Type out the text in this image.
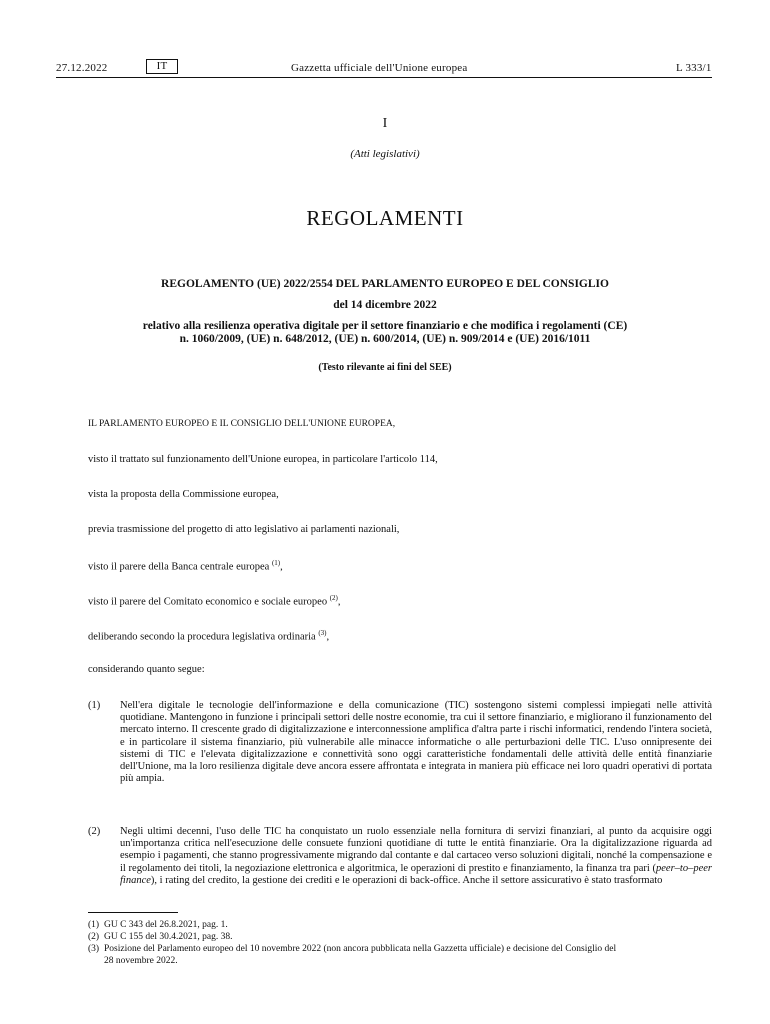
27.12.2022	IT	Gazzetta ufficiale dell'Unione europea	L 333/1
I
(Atti legislativi)
REGOLAMENTI
REGOLAMENTO (UE) 2022/2554 DEL PARLAMENTO EUROPEO E DEL CONSIGLIO
del 14 dicembre 2022
relativo alla resilienza operativa digitale per il settore finanziario e che modifica i regolamenti (CE)
n. 1060/2009, (UE) n. 648/2012, (UE) n. 600/2014, (UE) n. 909/2014 e (UE) 2016/1011
(Testo rilevante ai fini del SEE)
IL PARLAMENTO EUROPEO E IL CONSIGLIO DELL'UNIONE EUROPEA,
visto il trattato sul funzionamento dell'Unione europea, in particolare l'articolo 114,
vista la proposta della Commissione europea,
previa trasmissione del progetto di atto legislativo ai parlamenti nazionali,
visto il parere della Banca centrale europea $^{(1)}$,
visto il parere del Comitato economico e sociale europeo $^{(2)}$,
deliberando secondo la procedura legislativa ordinaria $^{(3)}$,
considerando quanto segue:
(1) Nell'era digitale le tecnologie dell'informazione e della comunicazione (TIC) sostengono sistemi complessi impiegati nelle attività quotidiane. Mantengono in funzione i principali settori delle nostre economie, tra cui il settore finanziario, e migliorano il funzionamento del mercato interno. Il crescente grado di digitalizzazione e interconnessione amplifica d'altra parte i rischi informatici, rendendo l'intera società, e in particolare il sistema finanziario, più vulnerabile alle minacce informatiche o alle perturbazioni delle TIC. L'uso onnipresente dei sistemi di TIC e l'elevata digitalizzazione e connettività sono oggi caratteristiche fondamentali delle attività delle entità finanziarie dell'Unione, ma la loro resilienza digitale deve ancora essere affrontata e integrata in maniera più efficace nei loro quadri operativi di portata più ampia.
(2) Negli ultimi decenni, l'uso delle TIC ha conquistato un ruolo essenziale nella fornitura di servizi finanziari, al punto da acquisire oggi un'importanza critica nell'esecuzione delle consuete funzioni quotidiane di tutte le entità finanziarie. Ora la digitalizzazione riguarda ad esempio i pagamenti, che stanno progressivamente migrando dal contante e dal cartaceo verso soluzioni digitali, nonché la compensazione e il regolamento dei titoli, la negoziazione elettronica e algoritmica, le operazioni di prestito e finanziamento, la finanza tra pari (peer–to–peer finance), i rating del credito, la gestione dei crediti e le operazioni di back-office. Anche il settore assicurativo è stato trasformato
(1) GU C 343 del 26.8.2021, pag. 1.
(2) GU C 155 del 30.4.2021, pag. 38.
(3) Posizione del Parlamento europeo del 10 novembre 2022 (non ancora pubblicata nella Gazzetta ufficiale) e decisione del Consiglio del
28 novembre 2022.
